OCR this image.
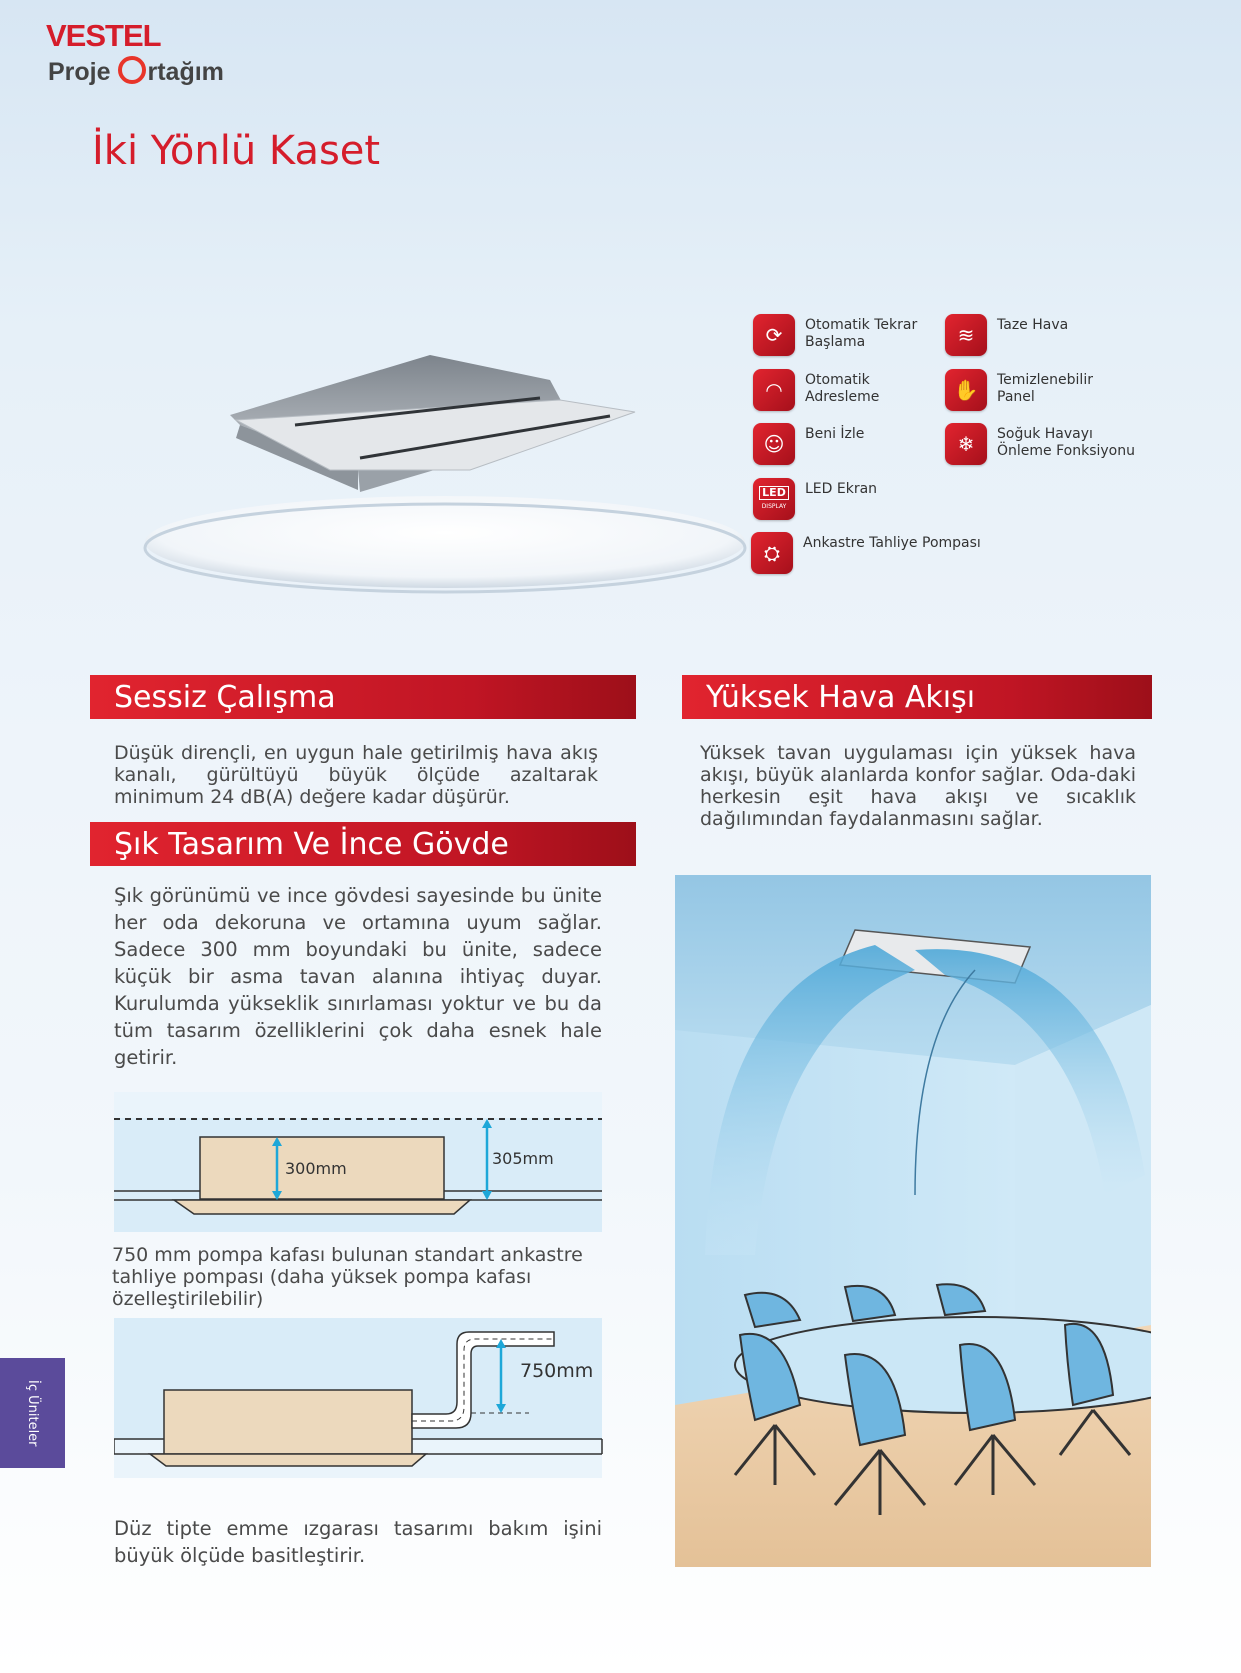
VESTEL
Proje rtağım
İki Yönlü Kaset
⟳	Otomatik Tekrar
Başlama	≋	Taze Hava
◠	Otomatik
Adresleme	✋	Temizlenebilir Panel
☺	Beni İzle	❄	Soğuk Havayı
Önleme Fonksiyonu
LED
DISPLAY
LED Ekran
⛭	Ankastre Tahliye Pompası
Sessiz Çalışma
Düşük dirençli, en uygun hale getirilmiş hava akış kanalı, gürültüyü büyük ölçüde azaltarak minimum 24 dB(A) değere kadar düşürür.
Şık Tasarım Ve İnce Gövde
Şık görünümü ve ince gövdesi sayesinde bu ünite her oda dekoruna ve ortamına uyum sağlar. Sadece 300 mm boyundaki bu ünite, sadece küçük bir asma tavan alanına ihtiyaç duyar. Kurulumda yükseklik sınırlaması yoktur ve bu da tüm tasarım özelliklerini çok daha esnek hale getirir.
300mm
305mm
750 mm pompa kafası bulunan standart ankastre tahliye pompası (daha yüksek pompa kafası özelleştirilebilir)
750mm
Düz tipte emme ızgarası tasarımı bakım işini büyük ölçüde basitleştirir.
Yüksek Hava Akışı
Yüksek tavan uygulaması için yüksek hava akışı, büyük alanlarda konfor sağlar. Oda-daki herkesin eşit hava akışı ve sıcaklık dağılımından faydalanmasını sağlar.
İç Üniteler
